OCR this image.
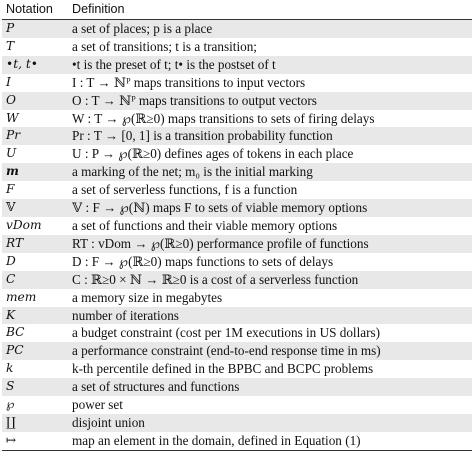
Notation	Definition
P	a set of places; p is a place
T	a set of transitions; t is a transition;
•t, t•	•t is the preset of t; t• is the postset of t
I	I : T → ℕᴾ maps transitions to input vectors
O	O : T → ℕᴾ maps transitions to output vectors
W	W : T → ℘(ℝ≥0) maps transitions to sets of firing delays
Pr	Pr : T → [0, 1] is a transition probability function
U	U : P → ℘(ℝ≥0) defines ages of tokens in each place
m	a marking of the net; m₀ is the initial marking
F	a set of serverless functions, f is a function
𝕍	𝕍 : F → ℘(ℕ) maps F to sets of viable memory options
vDom	a set of functions and their viable memory options
RT	RT : vDom → ℘(ℝ≥0) performance profile of functions
D	D : F → ℘(ℝ≥0) maps functions to sets of delays
C	C : ℝ≥0 × ℕ → ℝ≥0 is a cost of a serverless function
mem	a memory size in megabytes
K	number of iterations
BC	a budget constraint (cost per 1M executions in US dollars)
PC	a performance constraint (end-to-end response time in ms)
k	k-th percentile defined in the BPBC and BCPC problems
S	a set of structures and functions
℘	power set
∐	disjoint union
↦	map an element in the domain, defined in Equation (1)
